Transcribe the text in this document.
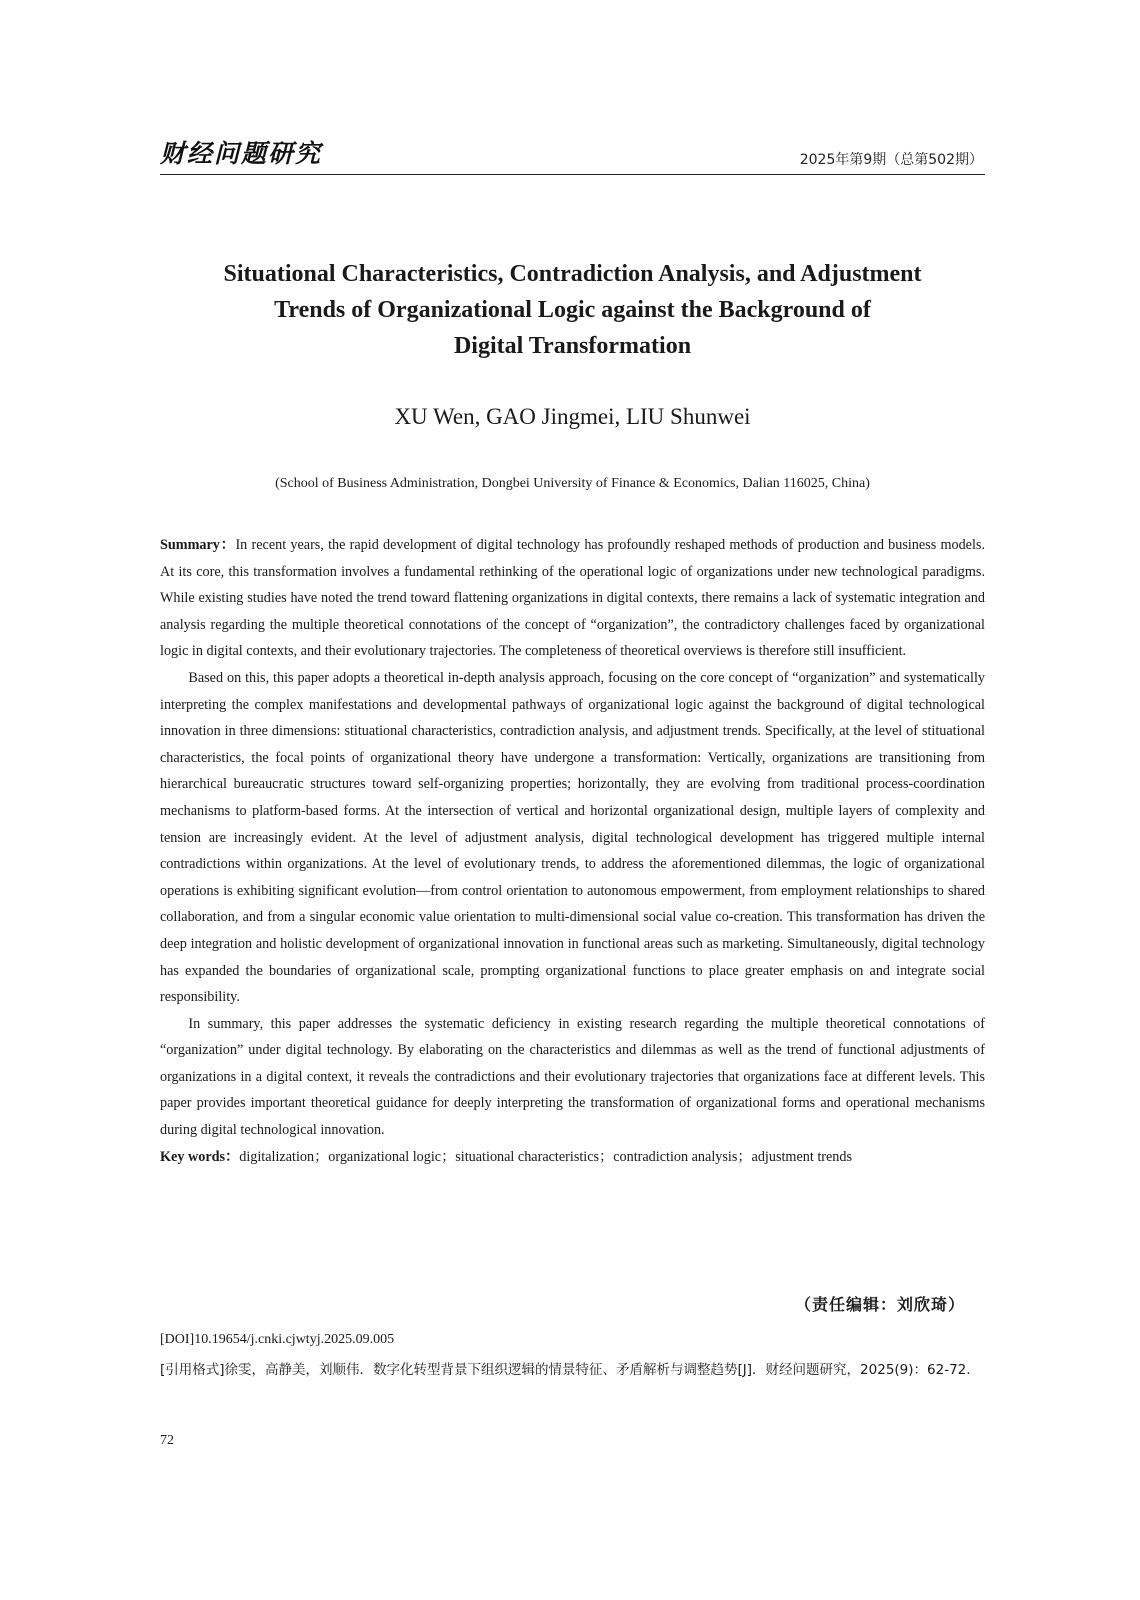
财经问题研究	2025年第9期（总第502期）
Situational Characteristics, Contradiction Analysis, and Adjustment
Trends of Organizational Logic against the Background of
Digital Transformation
XU Wen, GAO Jingmei, LIU Shunwei
(School of Business Administration, Dongbei University of Finance & Economics, Dalian 116025, China)

Summary：In recent years, the rapid development of digital technology has profoundly reshaped methods of production and business models. At its core, this transformation involves a fundamental rethinking of the operational logic of organizations under new technological paradigms. While existing studies have noted the trend toward flattening organizations in digital contexts, there remains a lack of systematic integration and analysis regarding the multiple theoretical connotations of the concept of “organization”, the contradictory challenges faced by organizational logic in digital contexts, and their evolutionary trajectories. The completeness of theoretical overviews is therefore still insufficient.

Based on this, this paper adopts a theoretical in-depth analysis approach, focusing on the core concept of “organization” and systematically interpreting the complex manifestations and developmental pathways of organizational logic against the background of digital technological innovation in three dimensions: stituational characteristics, contradiction analysis, and adjustment trends. Specifically, at the level of stituational characteristics, the focal points of organizational theory have undergone a transformation: Vertically, organizations are transitioning from hierarchical bureaucratic structures toward self-organizing properties; horizontally, they are evolving from traditional process-coordination mechanisms to platform-based forms. At the intersection of vertical and horizontal organizational design, multiple layers of complexity and tension are increasingly evident. At the level of adjustment analysis, digital technological development has triggered multiple internal contradictions within organizations. At the level of evolutionary trends, to address the aforementioned dilemmas, the logic of organizational operations is exhibiting significant evolution—from control orientation to autonomous empowerment, from employment relationships to shared collaboration, and from a singular economic value orientation to multi-dimensional social value co-creation. This transformation has driven the deep integration and holistic development of organizational innovation in functional areas such as marketing. Simultaneously, digital technology has expanded the boundaries of organizational scale, prompting organizational functions to place greater emphasis on and integrate social responsibility.

In summary, this paper addresses the systematic deficiency in existing research regarding the multiple theoretical connotations of “organization” under digital technology. By elaborating on the characteristics and dilemmas as well as the trend of functional adjustments of organizations in a digital context, it reveals the contradictions and their evolutionary trajectories that organizations face at different levels. This paper provides important theoretical guidance for deeply interpreting the transformation of organizational forms and operational mechanisms during digital technological innovation.

Key words：digitalization；organizational logic；situational characteristics；contradiction analysis；adjustment trends

（责任编辑：刘欣琦）
[DOI]10.19654/j.cnki.cjwtyj.2025.09.005
[引用格式]徐雯，高静美，刘顺伟．数字化转型背景下组织逻辑的情景特征、矛盾解析与调整趋势[J]．财经问题研究，2025(9)：62-72.
72
